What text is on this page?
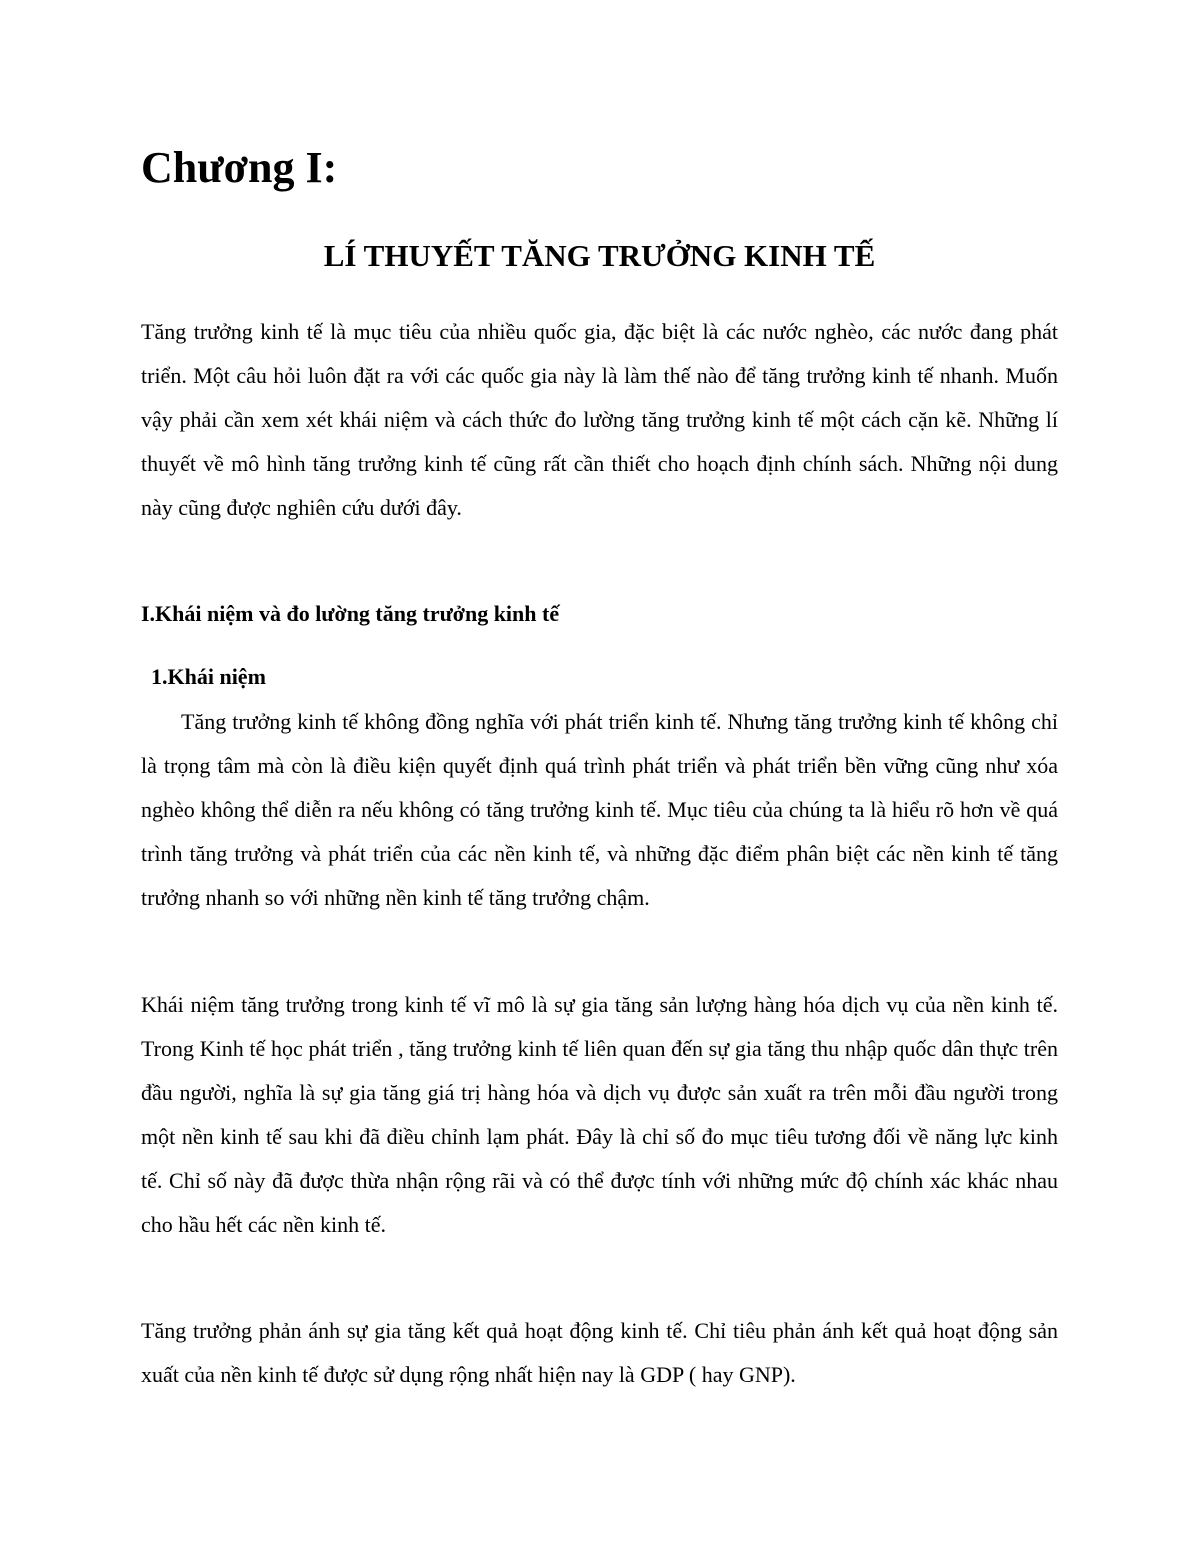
Chương I:
LÍ THUYẾT TĂNG TRƯỞNG KINH TẾ

Tăng trưởng kinh tế là mục tiêu của nhiều quốc gia, đặc biệt là các nước nghèo, các nước đang phát triển. Một câu hỏi luôn đặt ra với các quốc gia này là làm thế nào để tăng trưởng kinh tế nhanh. Muốn vậy phải cần xem xét khái niệm và cách thức đo lường tăng trưởng kinh tế một cách cặn kẽ. Những lí thuyết về mô hình tăng trưởng kinh tế cũng rất cần thiết cho hoạch định chính sách. Những nội dung này cũng được nghiên cứu dưới đây.

I.Khái niệm và đo lường tăng trưởng kinh tế
1.Khái niệm

Tăng trưởng kinh tế không đồng nghĩa với phát triển kinh tế. Nhưng tăng trưởng kinh tế không chỉ là trọng tâm mà còn là điều kiện quyết định quá trình phát triển và phát triển bền vững cũng như xóa nghèo không thể diễn ra nếu không có tăng trưởng kinh tế. Mục tiêu của chúng ta là hiểu rõ hơn về quá trình tăng trưởng và phát triển của các nền kinh tế, và những đặc điểm phân biệt các nền kinh tế tăng trưởng nhanh so với những nền kinh tế tăng trưởng chậm.

Khái niệm tăng trưởng trong kinh tế vĩ mô là sự gia tăng sản lượng hàng hóa dịch vụ của nền kinh tế. Trong Kinh tế học phát triển , tăng trưởng kinh tế liên quan đến sự gia tăng thu nhập quốc dân thực trên đầu người, nghĩa là sự gia tăng giá trị hàng hóa và dịch vụ được sản xuất ra trên mỗi đầu người trong một nền kinh tế sau khi đã điều chỉnh lạm phát. Đây là chỉ số đo mục tiêu tương đối về năng lực kinh tế. Chỉ số này đã được thừa nhận rộng rãi và có thể được tính với những mức độ chính xác khác nhau cho hầu hết các nền kinh tế.

Tăng trưởng phản ánh sự gia tăng kết quả hoạt động kinh tế. Chỉ tiêu phản ánh kết quả hoạt động sản xuất của nền kinh tế được sử dụng rộng nhất hiện nay là GDP ( hay GNP).
